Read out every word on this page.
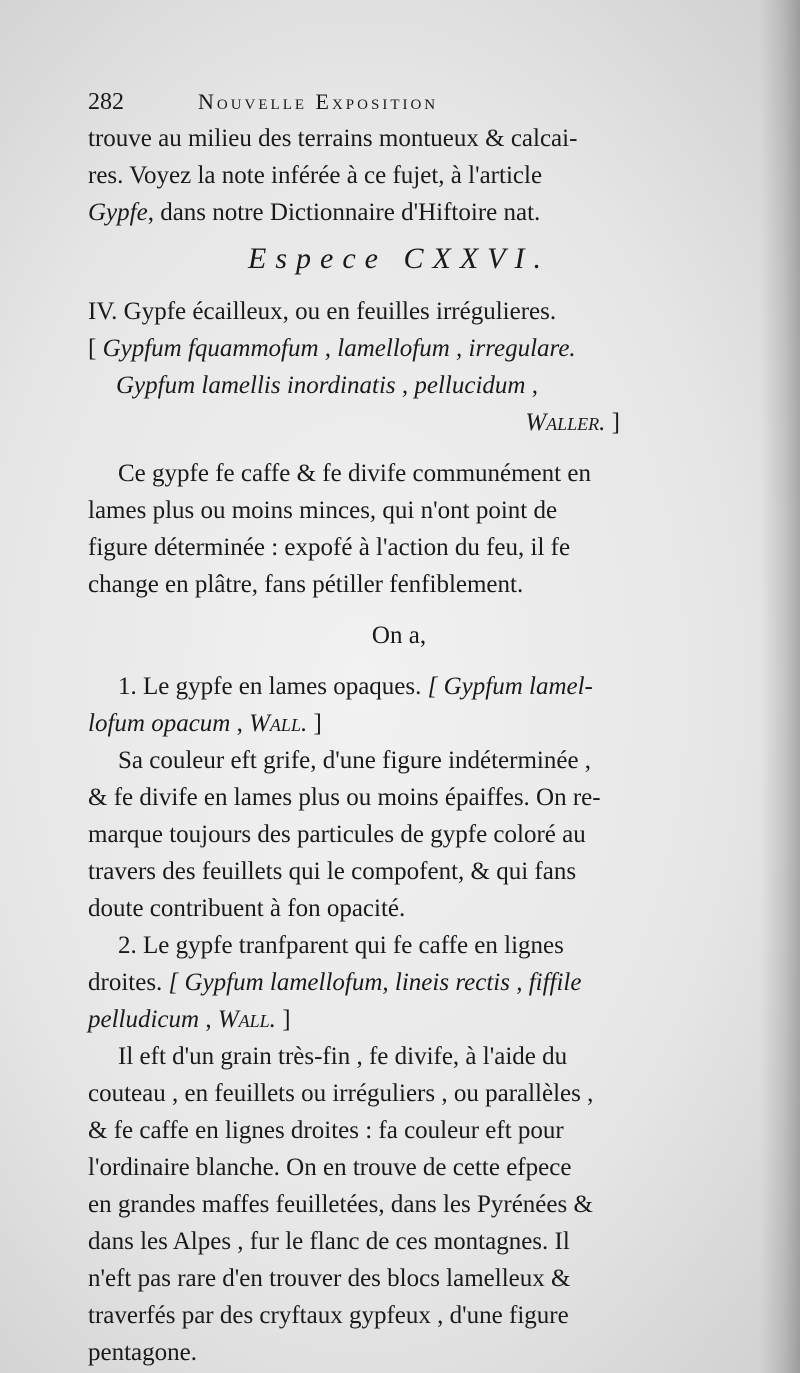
282	Nouvelle Exposition

trouve au milieu des terrains montueux & calcai-

res. Voyez la note inférée à ce fujet, à l'article

Gypfe, dans notre Dictionnaire d'Hiftoire nat.

Espece CXXVI.

IV. Gypfe écailleux, ou en feuilles irrégulieres.

[ Gypfum fquammofum , lamellofum , irregulare.

Gypfum lamellis inordinatis , pellucidum ,

Waller. ]

Ce gypfe fe caffe & fe divife communément en

lames plus ou moins minces, qui n'ont point de

figure déterminée : expofé à l'action du feu, il fe

change en plâtre, fans pétiller fenfiblement.

On a,

1. Le gypfe en lames opaques. [ Gypfum lamel-

lofum opacum , Wall. ]

Sa couleur eft grife, d'une figure indéterminée ,

& fe divife en lames plus ou moins épaiffes. On re-

marque toujours des particules de gypfe coloré au

travers des feuillets qui le compofent, & qui fans

doute contribuent à fon opacité.

2. Le gypfe tranfparent qui fe caffe en lignes

droites. [ Gypfum lamellofum, lineis rectis , fiffile

pelludicum , Wall. ]

Il eft d'un grain très-fin , fe divife, à l'aide du

couteau , en feuillets ou irréguliers , ou parallèles ,

& fe caffe en lignes droites : fa couleur eft pour

l'ordinaire blanche. On en trouve de cette efpece

en grandes maffes feuilletées, dans les Pyrénées &

dans les Alpes , fur le flanc de ces montagnes. Il

n'eft pas rare d'en trouver des blocs lamelleux &

traverfés par des cryftaux gypfeux , d'une figure

pentagone.
